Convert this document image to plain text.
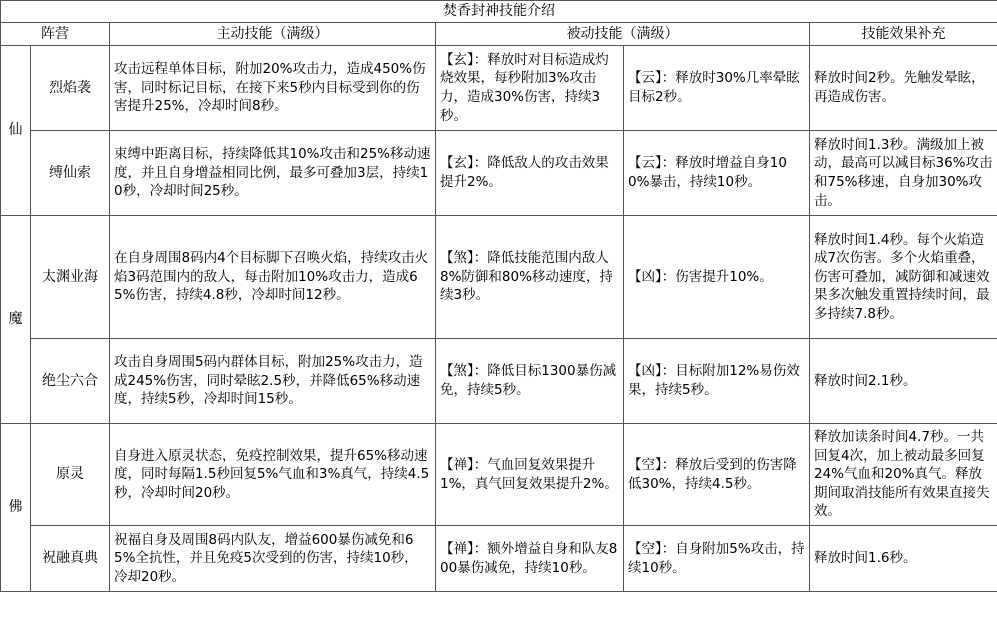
焚香封神技能介绍					
阵营		主动技能（满级）	被动技能（满级）		技能效果补充
仙	烈焰袭	攻击远程单体目标，附加20%攻击力，造成450%伤害，同时标记目标，在接下来5秒内目标受到你的伤害提升25%，冷却时间8秒。	【玄】：释放时对目标造成灼烧效果，每秒附加3%攻击力，造成30%伤害，持续3秒。	【云】：释放时30%几率晕眩目标2秒。	释放时间2秒。先触发晕眩，再造成伤害。
	缚仙索	束缚中距离目标，持续降低其10%攻击和25%移动速度，并且自身增益相同比例，最多可叠加3层，持续10秒，冷却时间25秒。	【玄】：降低敌人的攻击效果提升2%。	【云】：释放时增益自身100%暴击，持续10秒。	释放时间1.3秒。满级加上被动，最高可以减目标36%攻击和75%移速，自身加30%攻击。
魔	太渊业海	在自身周围8码内4个目标脚下召唤火焰，持续攻击火焰3码范围内的敌人，每击附加10%攻击力，造成65%伤害，持续4.8秒，冷却时间12秒。	【煞】：降低技能范围内敌人8%防御和80%移动速度，持续3秒。	【凶】：伤害提升10%。	释放时间1.4秒。每个火焰造成7次伤害。多个火焰重叠，伤害可叠加，减防御和减速效果多次触发重置持续时间，最多持续7.8秒。
	绝尘六合	攻击自身周围5码内群体目标，附加25%攻击力，造成245%伤害，同时晕眩2.5秒，并降低65%移动速度，持续5秒，冷却时间15秒。	【煞】：降低目标1300暴伤减免，持续5秒。	【凶】：目标附加12%易伤效果，持续5秒。	释放时间2.1秒。
佛	原灵	自身进入原灵状态，免疫控制效果，提升65%移动速度，同时每隔1.5秒回复5%气血和3%真气，持续4.5秒，冷却时间20秒。	【禅】：气血回复效果提升1%，真气回复效果提升2%。	【空】：释放后受到的伤害降低30%，持续4.5秒。	释放加读条时间4.7秒。一共回复4次，加上被动最多回复24%气血和20%真气。释放期间取消技能所有效果直接失效。
	祝融真典	祝福自身及周围8码内队友，增益600暴伤减免和65%全抗性，并且免疫5次受到的伤害，持续10秒，冷却20秒。	【禅】：额外增益自身和队友800暴伤减免，持续10秒。	【空】：自身附加5%攻击，持续10秒。	释放时间1.6秒。
